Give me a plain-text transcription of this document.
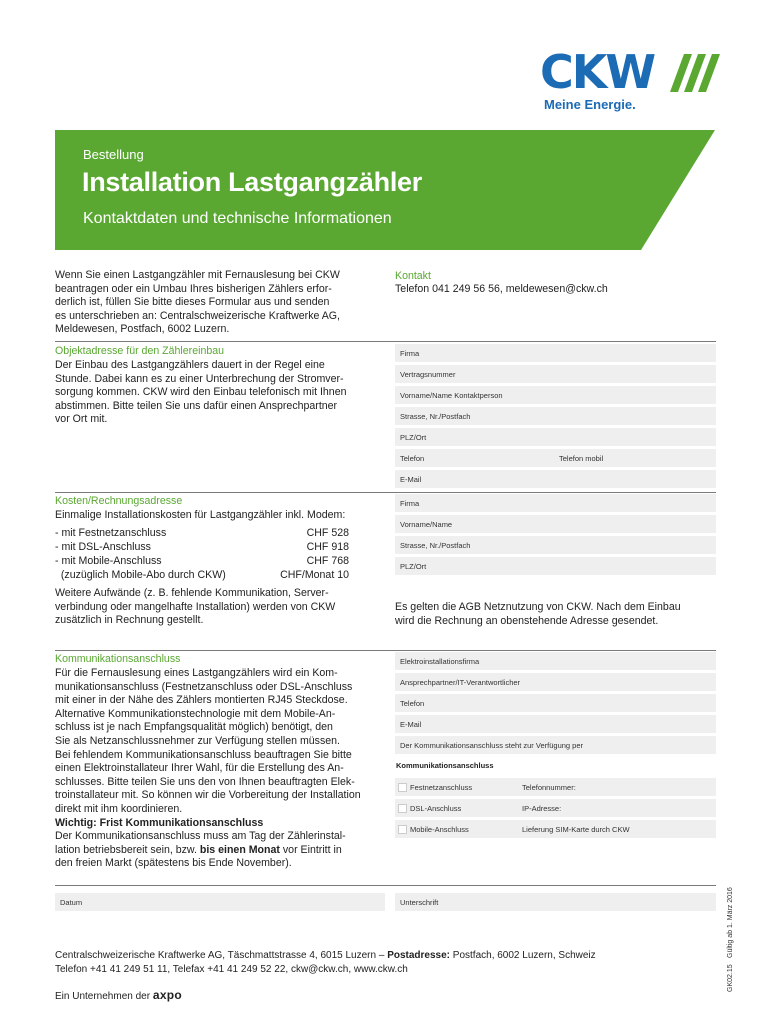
CKW
Meine Energie.
Bestellung
Installation Lastgangzähler
Kontaktdaten und technische Informationen
Wenn Sie einen Lastgangzähler mit Fernauslesung bei CKW
beantragen oder ein Umbau Ihres bisherigen Zählers erfor-
derlich ist, füllen Sie bitte dieses Formular aus und senden
es unterschrieben an: Centralschweizerische Kraftwerke AG,
Meldewesen, Postfach, 6002 Luzern.
Kontakt
Telefon 041 249 56 56, meldewesen@ckw.ch
Objektadresse für den Zählereinbau
Der Einbau des Lastgangzählers dauert in der Regel eine
Stunde. Dabei kann es zu einer Unterbrechung der Stromver-
sorgung kommen. CKW wird den Einbau telefonisch mit Ihnen
abstimmen. Bitte teilen Sie uns dafür einen Ansprechpartner
vor Ort mit.
Firma
Vertragsnummer
Vorname/Name Kontaktperson
Strasse, Nr./Postfach
PLZ/Ort
Telefon	Telefon mobil
E-Mail
Kosten/Rechnungsadresse
Einmalige Installationskosten für Lastgangzähler inkl. Modem:
- mit Festnetzanschluss	CHF 528
- mit DSL-Anschluss	CHF 918
- mit Mobile-Anschluss	CHF 768
(zuzüglich Mobile-Abo durch CKW)	CHF/Monat 10
Weitere Aufwände (z. B. fehlende Kommunikation, Server-
verbindung oder mangelhafte Installation) werden von CKW
zusätzlich in Rechnung gestellt.
Firma
Vorname/Name
Strasse, Nr./Postfach
PLZ/Ort
Es gelten die AGB Netznutzung von CKW. Nach dem Einbau
wird die Rechnung an obenstehende Adresse gesendet.
Kommunikationsanschluss
Für die Fernauslesung eines Lastgangzählers wird ein Kom-
munikationsanschluss (Festnetzanschluss oder DSL-Anschluss
mit einer in der Nähe des Zählers montierten RJ45 Steckdose.
Alternative Kommunikationstechnologie mit dem Mobile-An-
schluss ist je nach Empfangsqualität möglich) benötigt, den
Sie als Netzanschlussnehmer zur Verfügung stellen müssen.
Bei fehlendem Kommunikationsanschluss beauftragen Sie bitte
einen Elektroinstallateur Ihrer Wahl, für die Erstellung des An-
schlusses. Bitte teilen Sie uns den von Ihnen beauftragten Elek-
troinstallateur mit. So können wir die Vorbereitung der Installation
direkt mit ihm koordinieren.
Wichtig: Frist Kommunikationsanschluss
Der Kommunikationsanschluss muss am Tag der Zählerinstal-
lation betriebsbereit sein, bzw. bis einen Monat vor Eintritt in
den freien Markt (spätestens bis Ende November).
Elektroinstallationsfirma
Ansprechpartner/IT-Verantwortlicher
Telefon
E-Mail
Der Kommunikationsanschluss steht zur Verfügung per
Kommunikationsanschluss
Festnetzanschluss	Telefonnummer:
DSL-Anschluss	IP-Adresse:
Mobile-Anschluss	Lieferung SIM-Karte durch CKW
Datum	Unterschrift
GK02.15
Gültig ab 1. März 2016
Centralschweizerische Kraftwerke AG, Täschmattstrasse 4, 6015 Luzern – Postadresse: Postfach, 6002 Luzern, Schweiz
Telefon +41 41 249 51 11, Telefax +41 41 249 52 22, ckw@ckw.ch, www.ckw.ch
Ein Unternehmen der axpo
